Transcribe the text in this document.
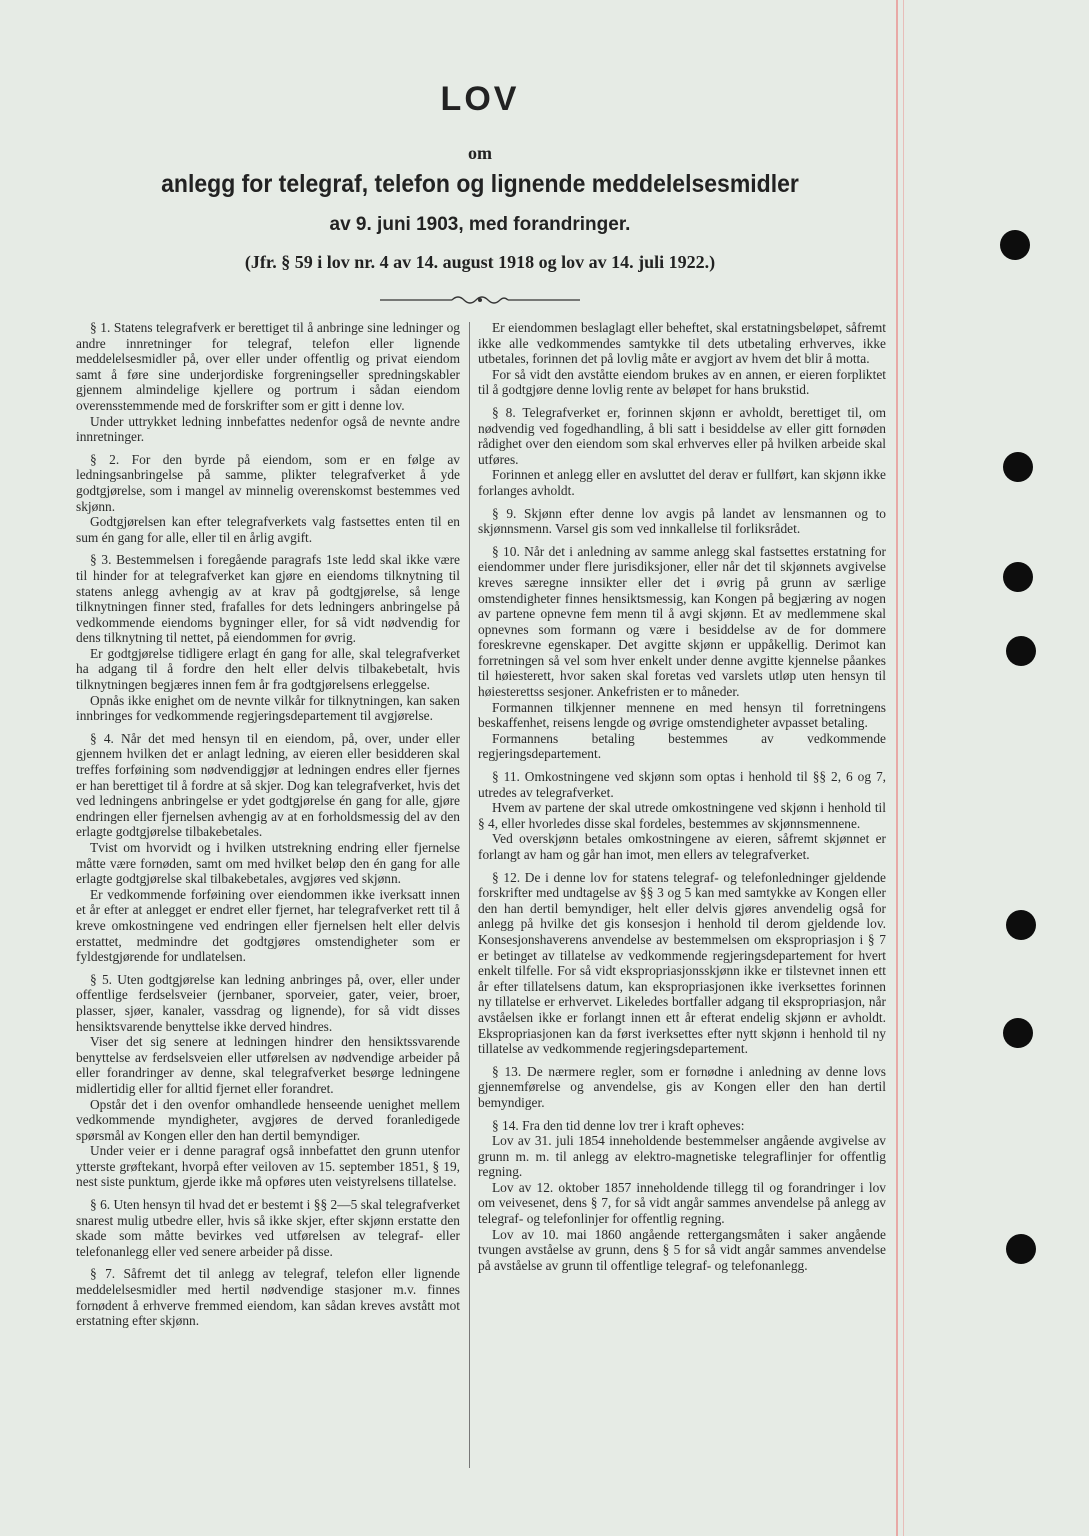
LOV
om
anlegg for telegraf, telefon og lignende meddelelsesmidler
av 9. juni 1903, med forandringer.
(Jfr. § 59 i lov nr. 4 av 14. august 1918 og lov av 14. juli 1922.)

§ 1. Statens telegrafverk er berettiget til å anbringe sine ledninger og andre innretninger for telegraf, telefon eller lignende meddelelsesmidler på, over eller under offentlig og privat eiendom samt å føre sine underjordiske forgreningseller spredningskabler gjennem almindelige kjellere og portrum i sådan eiendom overensstemmende med de forskrifter som er gitt i denne lov.

Under uttrykket ledning innbefattes nedenfor også de nevnte andre innretninger.

§ 2. For den byrde på eiendom, som er en følge av ledningsanbringelse på samme, plikter telegrafverket å yde godtgjørelse, som i mangel av minnelig overenskomst bestemmes ved skjønn.

Godtgjørelsen kan efter telegrafverkets valg fastsettes enten til en sum én gang for alle, eller til en årlig avgift.

§ 3. Bestemmelsen i foregående paragrafs 1ste ledd skal ikke være til hinder for at telegrafverket kan gjøre en eiendoms tilknytning til statens anlegg avhengig av at krav på godtgjørelse, så lenge tilknytningen finner sted, frafalles for dets ledningers anbringelse på vedkommende eiendoms bygninger eller, for så vidt nødvendig for dens tilknytning til nettet, på eiendommen for øvrig.

Er godtgjørelse tidligere erlagt én gang for alle, skal telegrafverket ha adgang til å fordre den helt eller delvis tilbakebetalt, hvis tilknytningen begjæres innen fem år fra godtgjørelsens erleggelse.

Opnås ikke enighet om de nevnte vilkår for tilknytningen, kan saken innbringes for vedkommende regjeringsdepartement til avgjørelse.

§ 4. Når det med hensyn til en eiendom, på, over, under eller gjennem hvilken det er anlagt ledning, av eieren eller besidderen skal treffes forføining som nødvendiggjør at ledningen endres eller fjernes er han berettiget til å fordre at så skjer. Dog kan telegrafverket, hvis det ved ledningens anbringelse er ydet godtgjørelse én gang for alle, gjøre endringen eller fjernelsen avhengig av at en forholdsmessig del av den erlagte godtgjørelse tilbakebetales.

Tvist om hvorvidt og i hvilken utstrekning endring eller fjernelse måtte være fornøden, samt om med hvilket beløp den én gang for alle erlagte godtgjørelse skal tilbakebetales, avgjøres ved skjønn.

Er vedkommende forføining over eiendommen ikke iverksatt innen et år efter at anlegget er endret eller fjernet, har telegrafverket rett til å kreve omkostningene ved endringen eller fjernelsen helt eller delvis erstattet, medmindre det godtgjøres omstendigheter som er fyldestgjørende for undlatelsen.

§ 5. Uten godtgjørelse kan ledning anbringes på, over, eller under offentlige ferdselsveier (jernbaner, sporveier, gater, veier, broer, plasser, sjøer, kanaler, vassdrag og lignende), for så vidt disses hensiktsvarende benyttelse ikke derved hindres.

Viser det sig senere at ledningen hindrer den hensiktssvarende benyttelse av ferdselsveien eller utførelsen av nødvendige arbeider på eller forandringer av denne, skal telegrafverket besørge ledningene midlertidig eller for alltid fjernet eller forandret.

Opstår det i den ovenfor omhandlede henseende uenighet mellem vedkommende myndigheter, avgjøres de derved foranledigede spørsmål av Kongen eller den han dertil bemyndiger.

Under veier er i denne paragraf også innbefattet den grunn utenfor ytterste grøftekant, hvorpå efter veiloven av 15. september 1851, § 19, nest siste punktum, gjerde ikke må opføres uten veistyrelsens tillatelse.

§ 6. Uten hensyn til hvad det er bestemt i §§ 2—5 skal telegrafverket snarest mulig utbedre eller, hvis så ikke skjer, efter skjønn erstatte den skade som måtte bevirkes ved utførelsen av telegraf- eller telefonanlegg eller ved senere arbeider på disse.

§ 7. Såfremt det til anlegg av telegraf, telefon eller lignende meddelelsesmidler med hertil nødvendige stasjoner m.v. finnes fornødent å erhverve fremmed eiendom, kan sådan kreves avstått mot erstatning efter skjønn.

Er eiendommen beslaglagt eller beheftet, skal erstatningsbeløpet, såfremt ikke alle vedkommendes samtykke til dets utbetaling erhverves, ikke utbetales, forinnen det på lovlig måte er avgjort av hvem det blir å motta.

For så vidt den avståtte eiendom brukes av en annen, er eieren forpliktet til å godtgjøre denne lovlig rente av beløpet for hans brukstid.

§ 8. Telegrafverket er, forinnen skjønn er avholdt, berettiget til, om nødvendig ved fogedhandling, å bli satt i besiddelse av eller gitt fornøden rådighet over den eiendom som skal erhverves eller på hvilken arbeide skal utføres.

Forinnen et anlegg eller en avsluttet del derav er fullført, kan skjønn ikke forlanges avholdt.

§ 9. Skjønn efter denne lov avgis på landet av lensmannen og to skjønnsmenn. Varsel gis som ved innkallelse til forliksrådet.

§ 10. Når det i anledning av samme anlegg skal fastsettes erstatning for eiendommer under flere jurisdiksjoner, eller når det til skjønnets avgivelse kreves særegne innsikter eller det i øvrig på grunn av særlige omstendigheter finnes hensiktsmessig, kan Kongen på begjæring av nogen av partene opnevne fem menn til å avgi skjønn. Et av medlemmene skal opnevnes som formann og være i besiddelse av de for dommere foreskrevne egenskaper. Det avgitte skjønn er uppåkellig. Derimot kan forretningen så vel som hver enkelt under denne avgitte kjennelse påankes til høiesterett, hvor saken skal foretas ved varslets utløp uten hensyn til høiesterettss sesjoner. Ankefristen er to måneder.

Formannen tilkjenner mennene en med hensyn til forretningens beskaffenhet, reisens lengde og øvrige omstendigheter avpasset betaling.

Formannens betaling bestemmes av vedkommende regjeringsdepartement.

§ 11. Omkostningene ved skjønn som optas i henhold til §§ 2, 6 og 7, utredes av telegrafverket.

Hvem av partene der skal utrede omkostningene ved skjønn i henhold til § 4, eller hvorledes disse skal fordeles, bestemmes av skjønnsmennene.

Ved overskjønn betales omkostningene av eieren, såfremt skjønnet er forlangt av ham og går han imot, men ellers av telegrafverket.

§ 12. De i denne lov for statens telegraf- og telefonledninger gjeldende forskrifter med undtagelse av §§ 3 og 5 kan med samtykke av Kongen eller den han dertil bemyndiger, helt eller delvis gjøres anvendelig også for anlegg på hvilke det gis konsesjon i henhold til derom gjeldende lov. Konsesjonshaverens anvendelse av bestemmelsen om ekspropriasjon i § 7 er betinget av tillatelse av vedkommende regjeringsdepartement for hvert enkelt tilfelle. For så vidt ekspropriasjonsskjønn ikke er tilstevnet innen ett år efter tillatelsens datum, kan ekspropriasjonen ikke iverksettes forinnen ny tillatelse er erhvervet. Likeledes bortfaller adgang til ekspropriasjon, når avståelsen ikke er forlangt innen ett år efterat endelig skjønn er avholdt. Ekspropriasjonen kan da først iverksettes efter nytt skjønn i henhold til ny tillatelse av vedkommende regjeringsdepartement.

§ 13. De nærmere regler, som er fornødne i anledning av denne lovs gjennemførelse og anvendelse, gis av Kongen eller den han dertil bemyndiger.

§ 14. Fra den tid denne lov trer i kraft opheves:

Lov av 31. juli 1854 inneholdende bestemmelser angående avgivelse av grunn m. m. til anlegg av elektro-magnetiske telegraflinjer for offentlig regning.

Lov av 12. oktober 1857 inneholdende tillegg til og forandringer i lov om veivesenet, dens § 7, for så vidt angår sammes anvendelse på anlegg av telegraf- og telefonlinjer for offentlig regning.

Lov av 10. mai 1860 angående rettergangsmåten i saker angående tvungen avståelse av grunn, dens § 5 for så vidt angår sammes anvendelse på avståelse av grunn til offentlige telegraf- og telefonanlegg.
